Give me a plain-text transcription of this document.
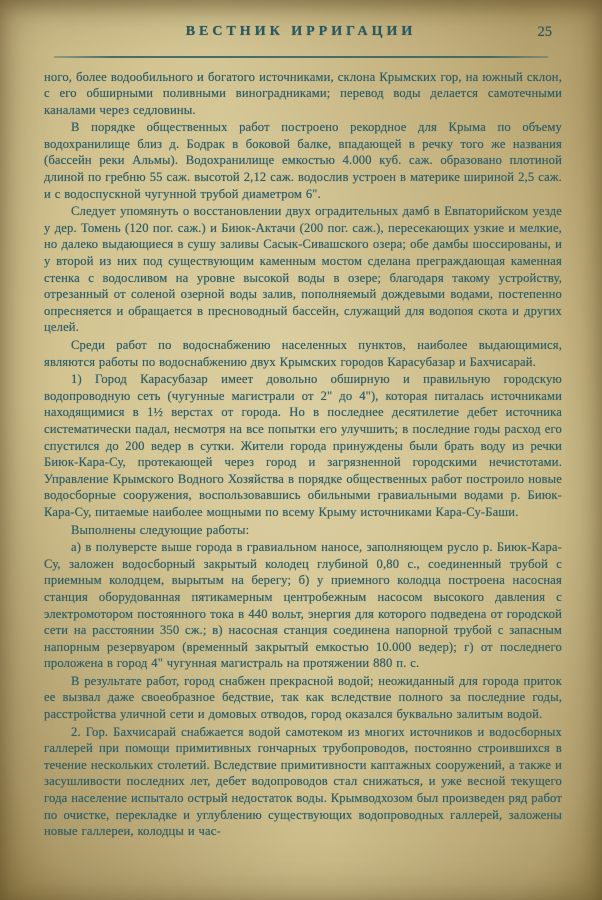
ВЕСТНИК ИРРИГАЦИИ	25

ного, более водообильного и богатого источниками, склона Крымских гор, на южный склон, с его обширными поливными виноградниками; перевод воды делается самотечными каналами через седловины.

В порядке общественных работ построено рекордное для Крыма по объему водохранилище близ д. Бодрак в боковой балке, впадающей в речку того же названия (бассейн реки Альмы). Водохранилище емкостью 4.000 куб. саж. образовано плотиной длиной по гребню 55 саж. высотой 2,12 саж. водослив устроен в материке шириной 2,5 саж. и с водоспускной чугунной трубой диаметром 6".

Следует упомянуть о восстановлении двух оградительных дамб в Евпаторийском уезде у дер. Томень (120 пог. саж.) и Биюк-Актачи (200 пог. саж.), пересекающих узкие и мелкие, но далеко выдающиеся в сушу заливы Сасык-Сивашского озера; обе дамбы шоссированы, и у второй из них под существующим каменным мостом сделана преграждающая каменная стенка с водосливом на уровне высокой воды в озере; благодаря такому устройству, отрезанный от соленой озерной воды залив, пополняемый дождевыми водами, постепенно опресняется и обращается в пресноводный бассейн, служащий для водопоя скота и других целей.

Среди работ по водоснабжению населенных пунктов, наиболее выдающимися, являются работы по водоснабжению двух Крымских городов Карасубазар и Бахчисарай.

1) Город Карасубазар имеет довольно обширную и правильную городскую водопроводную сеть (чугунные магистрали от 2" до 4"), которая питалась источниками находящимися в 1½ верстах от города. Но в последнее десятилетие дебет источника систематически падал, несмотря на все попытки его улучшить; в последние годы расход его спустился до 200 ведер в сутки. Жители города принуждены были брать воду из речки Биюк-Кара-Су, протекающей через город и загрязненной городскими нечистотами. Управление Крымского Водного Хозяйства в порядке общественных работ построило новые водосборные сооружения, воспользовавшись обильными гравиальными водами р. Биюк-Кара-Су, питаемые наиболее мощными по всему Крыму источниками Кара-Су-Баши.

Выполнены следующие работы:

а) в полуверсте выше города в гравиальном наносе, заполняющем русло р. Биюк-Кара-Су, заложен водосборный закрытый колодец глубиной 0,80 с., соединенный трубой с приемным колодцем, вырытым на берегу; б) у приемного колодца построена насосная станция оборудованная пятикамерным центробежным насосом высокого давления с электромотором постоянного тока в 440 вольт, энергия для которого подведена от городской сети на расстоянии 350 сж.; в) насосная станция соединена напорной трубой с запасным напорным резервуаром (временный закрытый емкостью 10.000 ведер); г) от последнего проложена в город 4" чугунная магистраль на протяжении 880 п. с.

В результате работ, город снабжен прекрасной водой; неожиданный для города приток ее вызвал даже своеобразное бедствие, так как вследствие полного за последние годы, расстройства уличной сети и домовых отводов, город оказался буквально залитым водой.

2. Гор. Бахчисарай снабжается водой самотеком из многих источников и водосборных галлерей при помощи примитивных гончарных трубопроводов, постоянно строившихся в течение нескольких столетий. Вследствие примитивности каптажных сооружений, а также и засушливости последних лет, дебет водопроводов стал снижаться, и уже весной текущего года население испытало острый недостаток воды. Крымводхозом был произведен ряд работ по очистке, перекладке и углублению существующих водопроводных галлерей, заложены новые галлереи, колодцы и час-
